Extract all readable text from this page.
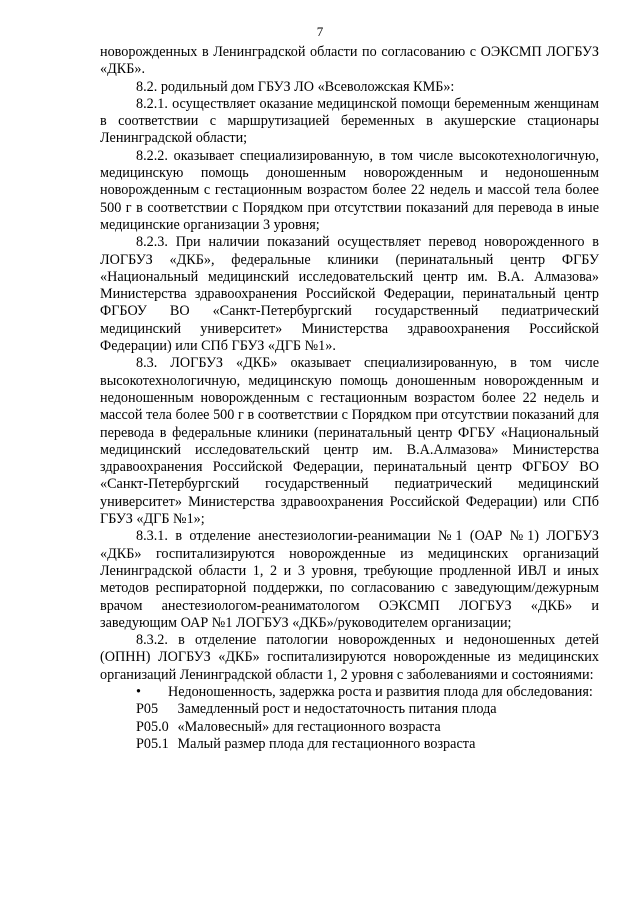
7

новорожденных в Ленинградской области по согласованию с ОЭКСМП ЛОГБУЗ «ДКБ».

8.2. родильный дом ГБУЗ ЛО «Всеволожская КМБ»:

8.2.1. осуществляет оказание медицинской помощи беременным женщинам в соответствии с маршрутизацией беременных в акушерские стационары Ленинградской области;

8.2.2. оказывает специализированную, в том числе высокотехнологичную, медицинскую помощь доношенным новорожденным и недоношенным новорожденным с гестационным возрастом более 22 недель и массой тела более 500 г в соответствии с Порядком при отсутствии показаний для перевода в иные медицинские организации 3 уровня;

8.2.3. При наличии показаний осуществляет перевод новорожденного в ЛОГБУЗ «ДКБ», федеральные клиники (перинатальный центр ФГБУ «Национальный медицинский исследовательский центр им. В.А. Алмазова» Министерства здравоохранения Российской Федерации, перинатальный центр ФГБОУ ВО «Санкт-Петербургский государственный педиатрический медицинский университет» Министерства здравоохранения Российской Федерации) или СПб ГБУЗ «ДГБ №1».

8.3. ЛОГБУЗ «ДКБ» оказывает специализированную, в том числе высокотехнологичную, медицинскую помощь доношенным новорожденным и недоношенным новорожденным с гестационным возрастом более 22 недель и массой тела более 500 г в соответствии с Порядком при отсутствии показаний для перевода в федеральные клиники (перинатальный центр ФГБУ «Национальный медицинский исследовательский центр им. В.А.Алмазова» Министерства здравоохранения Российской Федерации, перинатальный центр ФГБОУ ВО «Санкт-Петербургский государственный педиатрический медицинский университет» Министерства здравоохранения Российской Федерации) или СПб ГБУЗ «ДГБ №1»;

8.3.1. в отделение анестезиологии-реанимации №1 (ОАР №1) ЛОГБУЗ «ДКБ» госпитализируются новорожденные из медицинских организаций Ленинградской области 1, 2 и 3 уровня, требующие продленной ИВЛ и иных методов респираторной поддержки, по согласованию с заведующим/дежурным врачом анестезиологом-реаниматологом ОЭКСМП ЛОГБУЗ «ДКБ» и заведующим ОАР №1 ЛОГБУЗ «ДКБ»/руководителем организации;

8.3.2. в отделение патологии новорожденных и недоношенных детей (ОПНН) ЛОГБУЗ «ДКБ» госпитализируются новорожденные из медицинских организаций Ленинградской области 1, 2 уровня с заболеваниями и состояниями:

• Недоношенность, задержка роста и развития плода для обследования:

P05 Замедленный рост и недостаточность питания плода

P05.0 «Маловесный» для гестационного возраста

P05.1 Малый размер плода для гестационного возраста
